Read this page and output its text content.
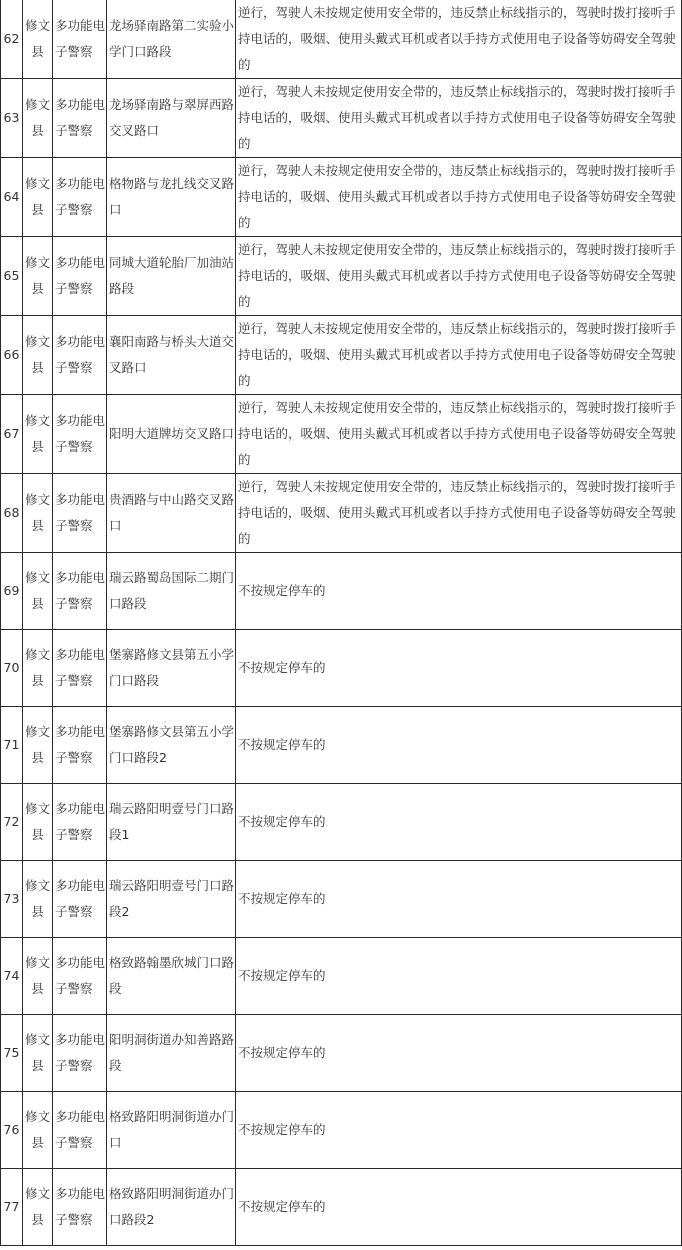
62	修文县	多功能电子警察	龙场驿南路第二实验小学门口路段	逆行，驾驶人未按规定使用安全带的，违反禁止标线指示的，驾驶时拨打接听手持电话的，吸烟、使用头戴式耳机或者以手持方式使用电子设备等妨碍安全驾驶的
63	修文县	多功能电子警察	龙场驿南路与翠屏西路交叉路口	逆行，驾驶人未按规定使用安全带的，违反禁止标线指示的，驾驶时拨打接听手持电话的，吸烟、使用头戴式耳机或者以手持方式使用电子设备等妨碍安全驾驶的
64	修文县	多功能电子警察	格物路与龙扎线交叉路口	逆行，驾驶人未按规定使用安全带的，违反禁止标线指示的，驾驶时拨打接听手持电话的，吸烟、使用头戴式耳机或者以手持方式使用电子设备等妨碍安全驾驶的
65	修文县	多功能电子警察	同城大道轮胎厂加油站路段	逆行，驾驶人未按规定使用安全带的，违反禁止标线指示的，驾驶时拨打接听手持电话的，吸烟、使用头戴式耳机或者以手持方式使用电子设备等妨碍安全驾驶的
66	修文县	多功能电子警察	襄阳南路与桥头大道交叉路口	逆行，驾驶人未按规定使用安全带的，违反禁止标线指示的，驾驶时拨打接听手持电话的，吸烟、使用头戴式耳机或者以手持方式使用电子设备等妨碍安全驾驶的
67	修文县	多功能电子警察	阳明大道牌坊交叉路口	逆行，驾驶人未按规定使用安全带的，违反禁止标线指示的，驾驶时拨打接听手持电话的，吸烟、使用头戴式耳机或者以手持方式使用电子设备等妨碍安全驾驶的
68	修文县	多功能电子警察	贵酒路与中山路交叉路口	逆行，驾驶人未按规定使用安全带的，违反禁止标线指示的，驾驶时拨打接听手持电话的，吸烟、使用头戴式耳机或者以手持方式使用电子设备等妨碍安全驾驶的
69	修文县	多功能电子警察	瑞云路蜀岛国际二期门口路段	不按规定停车的
70	修文县	多功能电子警察	堡寨路修文县第五小学门口路段	不按规定停车的
71	修文县	多功能电子警察	堡寨路修文县第五小学门口路段2	不按规定停车的
72	修文县	多功能电子警察	瑞云路阳明壹号门口路段1	不按规定停车的
73	修文县	多功能电子警察	瑞云路阳明壹号门口路段2	不按规定停车的
74	修文县	多功能电子警察	格致路翰墨欣城门口路段	不按规定停车的
75	修文县	多功能电子警察	阳明洞街道办知善路路段	不按规定停车的
76	修文县	多功能电子警察	格致路阳明洞街道办门口	不按规定停车的
77	修文县	多功能电子警察	格致路阳明洞街道办门口路段2	不按规定停车的
